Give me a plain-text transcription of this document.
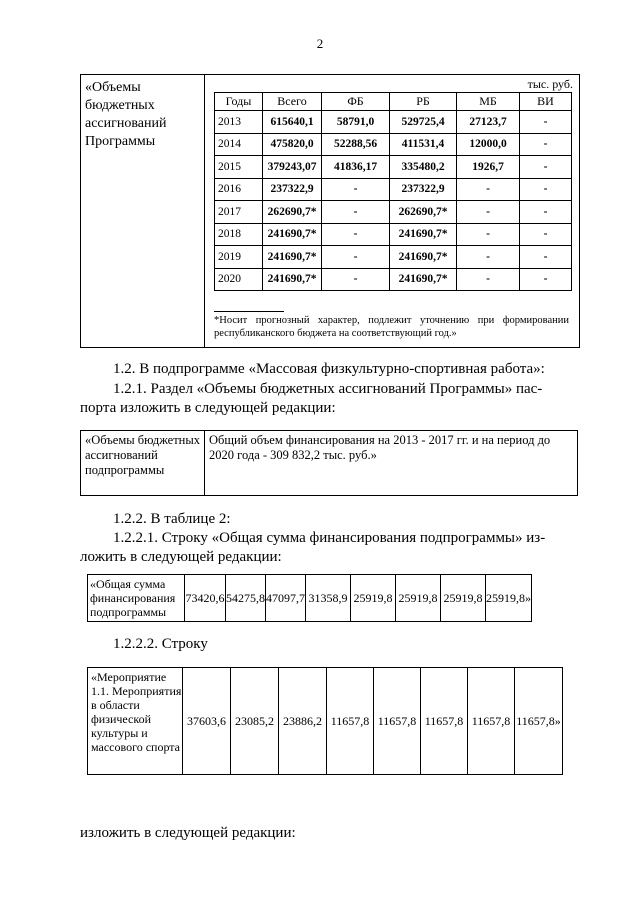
2
«Объемы бюджетных ассигнований Программы
тыс. руб.
Годы	Всего	ФБ	РБ	МБ	ВИ
2013	615640,1	58791,0	529725,4	27123,7	-
2014	475820,0	52288,56	411531,4	12000,0	-
2015	379243,07	41836,17	335480,2	1926,7	-
2016	237322,9	-	237322,9	-	-
2017	262690,7*	-	262690,7*	-	-
2018	241690,7*	-	241690,7*	-	-
2019	241690,7*	-	241690,7*	-	-
2020	241690,7*	-	241690,7*	-	-
*Носит прогнозный характер, подлежит уточнению при формировании республиканского бюджета на соответствующий год.»
1.2. В подпрограмме «Массовая физкультурно-спортивная работа»:
1.2.1. Раздел «Объемы бюджетных ассигнований Программы» пас-
порта изложить в следующей редакции:
«Объемы бюджетных ассигнований подпрограммы	Общий объем финансирования на 2013 - 2017 гг. и на период до 2020 года - 309 832,2 тыс. руб.»
1.2.2. В таблице 2:
1.2.2.1. Строку «Общая сумма финансирования подпрограммы» из-
ложить в следующей редакции:
«Общая сумма финансирования подпрограммы	73420,6	54275,8	47097,7	31358,9	25919,8	25919,8	25919,8	25919,8»
1.2.2.2. Строку
«Мероприятие 1.1. Мероприятия в области физической культуры и массового спорта	37603,6	23085,2	23886,2	11657,8	11657,8	11657,8	11657,8	11657,8»
изложить в следующей редакции:
